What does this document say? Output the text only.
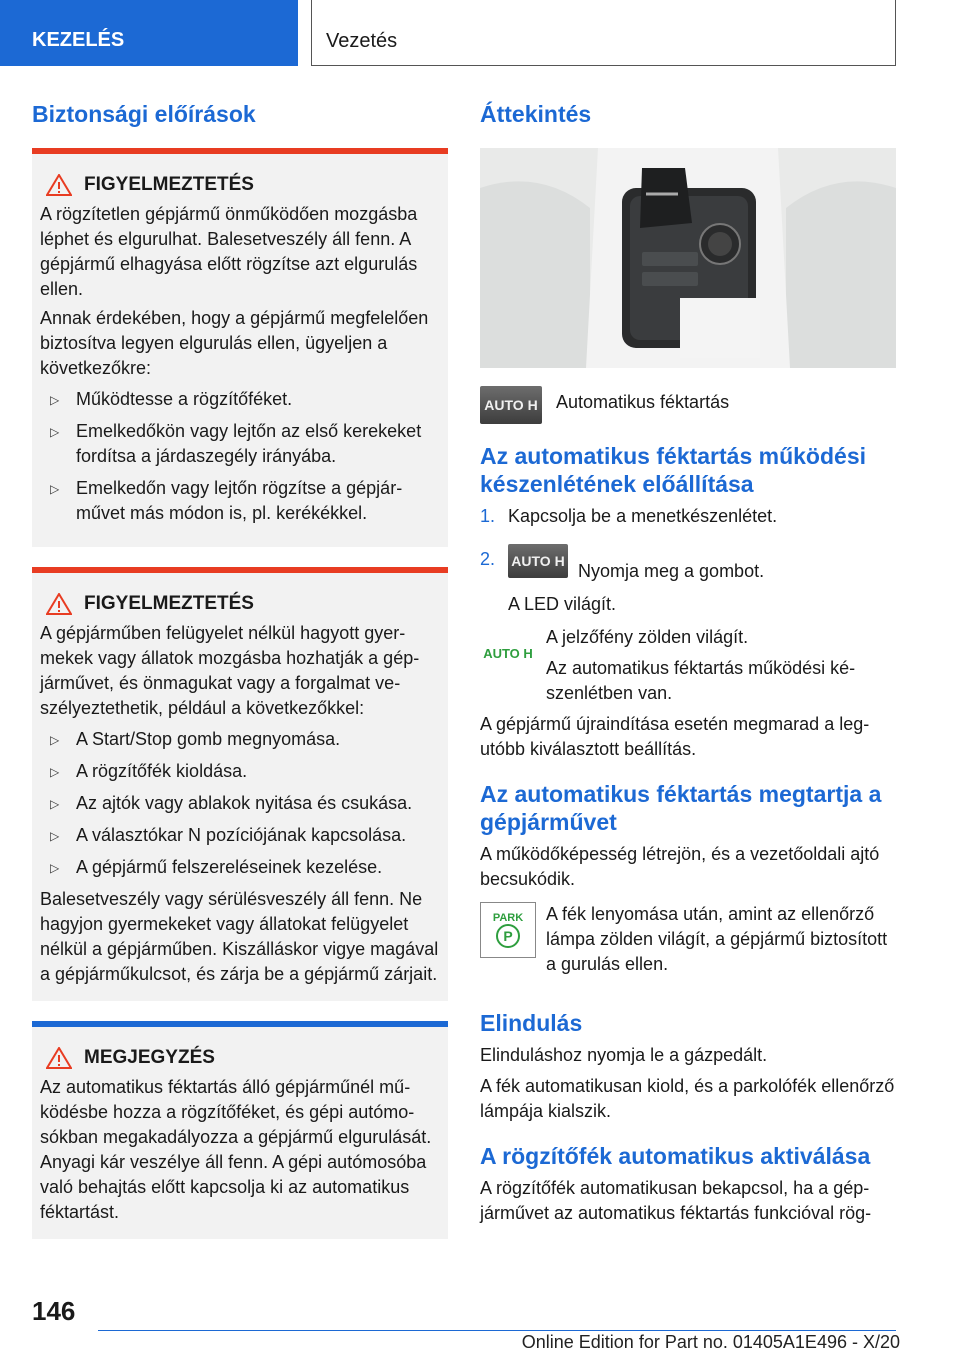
KEZELÉS	Vezetés
Biztonsági előírások
FIGYELMEZTETÉS

A rögzítetlen gépjármű önműködően mozgásba léphet és elgurulhat. Balesetveszély áll fenn. A gépjármű elhagyása előtt rögzítse azt elgurulás ellen.

Annak érdekében, hogy a gépjármű megfelelően biztosítva legyen elgurulás ellen, ügyeljen a következőkre:

▷ Működtesse a rögzítőféket.
▷ Emelkedőkön vagy lejtőn az első kerekeket fordítsa a járdaszegély irányába.
▷ Emelkedőn vagy lejtőn rögzítse a gépjárművet más módon is, pl. kerékékkel.
FIGYELMEZTETÉS

A gépjárműben felügyelet nélkül hagyott gyermekek vagy állatok mozgásba hozhatják a gépjárművet, és önmagukat vagy a forgalmat veszélyeztethetik, például a következőkkel:

▷ A Start/Stop gomb megnyomása.
▷ A rögzítőfék kioldása.
▷ Az ajtók vagy ablakok nyitása és csukása.
▷ A választókar N pozíciójának kapcsolása.
▷ A gépjármű felszereléseinek kezelése.

Balesetveszély vagy sérülésveszély áll fenn. Ne hagyjon gyermekeket vagy állatokat felügyelet nélkül a gépjárműben. Kiszálláskor vigye magával a gépjárműkulcsot, és zárja be a gépjármű zárjait.

MEGJEGYZÉS

Az automatikus féktartás álló gépjárműnél működésbe hozza a rögzítőféket, és gépi autómosókban megakadályozza a gépjármű elgurulását. Anyagi kár veszélye áll fenn. A gépi autómosóba való behajtás előtt kapcsolja ki az automatikus féktartást.

Áttekintés
AUTO H Automatikus féktartás
Az automatikus féktartás működési készenlétének előállítása
1. Kapcsolja be a menetkészenlétet.
2. AUTO H
Nyomja meg a gombot.

A LED világít.

AUTO H

A jelzőfény zölden világít.

Az automatikus féktartás működési készenlétben van.

A gépjármű újraindítása esetén megmarad a legutóbb kiválasztott beállítás.

Az automatikus féktartás megtartja a gépjárművet

A működőképesség létrejön, és a vezetőoldali ajtó becsukódik.

PARK
P

A fék lenyomása után, amint az ellenőrző lámpa zölden világít, a gépjármű biztosított a gurulás ellen.

Elindulás

Elinduláshoz nyomja le a gázpedált.

A fék automatikusan kiold, és a parkolófék ellenőrző lámpája kialszik.

A rögzítőfék automatikus aktiválása

A rögzítőfék automatikusan bekapcsol, ha a gépjárművet az automatikus féktartás funkcióval rög-

146
Online Edition for Part no. 01405A1E496 - X/20
